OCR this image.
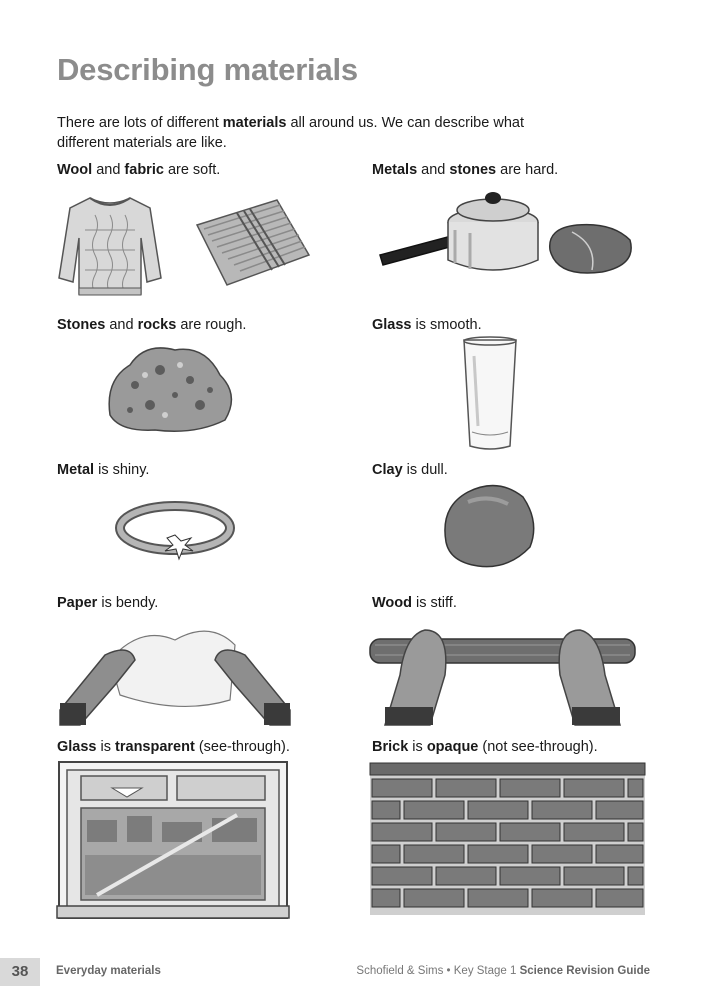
Describing materials
There are lots of different materials all around us. We can describe what different materials are like.
Wool and fabric are soft.	Metals and stones are hard.
Stones and rocks are rough.	Glass is smooth.
Metal is shiny.	Clay is dull.
Paper is bendy.	Wood is stiff.
Glass is transparent (see-through).	Brick is opaque (not see-through).
38	Everyday materials	Schofield & Sims • Key Stage 1 Science Revision Guide
